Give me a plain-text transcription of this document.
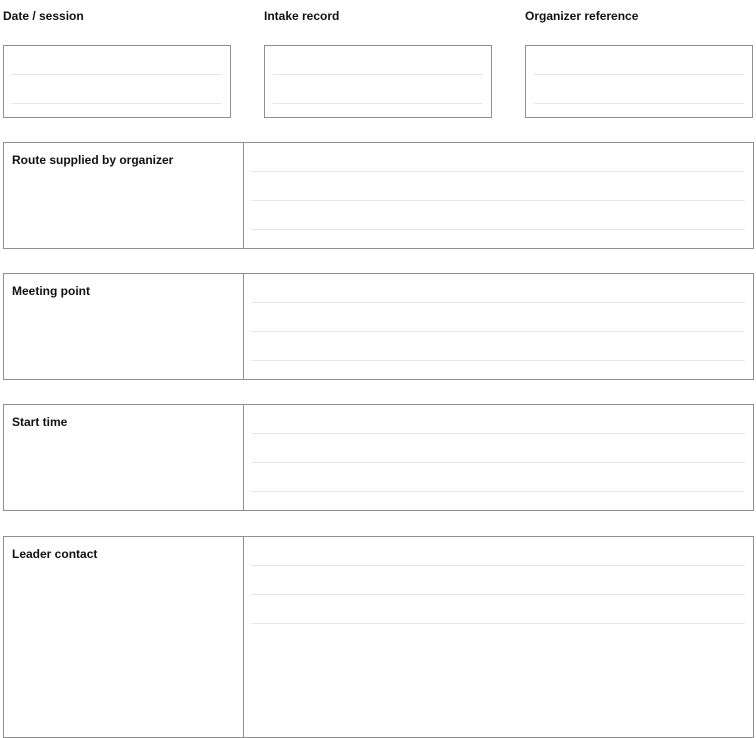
Date / session	Intake record	Organizer reference
Route supplied by organizer
Meeting point
Start time
Leader contact
